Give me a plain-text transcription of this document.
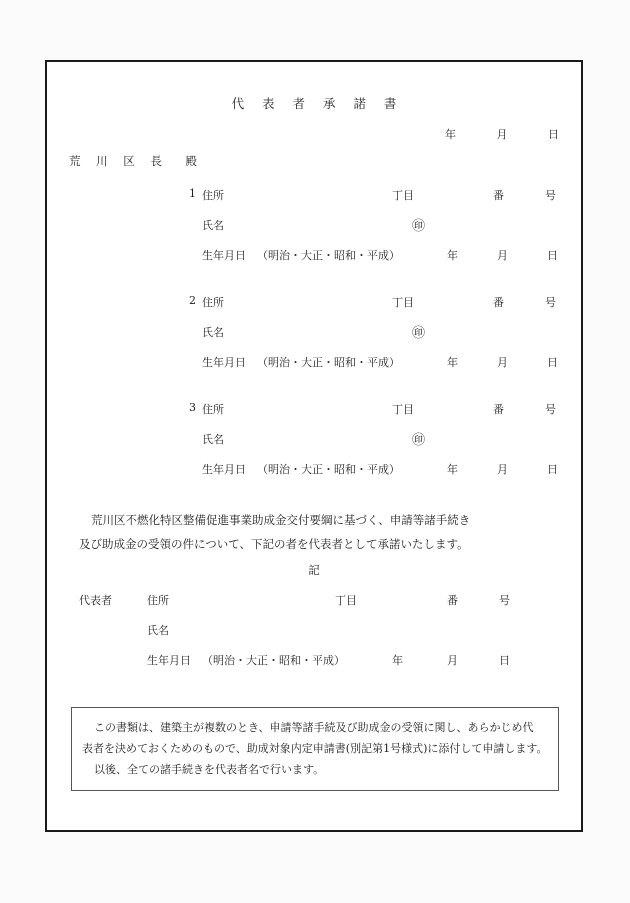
代 表 者 承 諾 書
年	月	日
荒 川 区 長　殿
1 住所	丁目	番	号
氏名	㊞
生年月日 （明治・大正・昭和・平成）	年	月	日
2 住所	丁目	番	号
氏名	㊞
生年月日 （明治・大正・昭和・平成）	年	月	日
3 住所	丁目	番	号
氏名	㊞
生年月日 （明治・大正・昭和・平成）	年	月	日
荒川区不燃化特区整備促進事業助成金交付要綱に基づく、申請等諸手続き
及び助成金の受領の件について、下記の者を代表者として承諾いたします。
記
代表者	住所	丁目	番	号
氏名
生年月日 （明治・大正・昭和・平成）	年	月	日
この書類は、建築主が複数のとき、申請等諸手続及び助成金の受領に関し、あらかじめ代
表者を決めておくためのもので、助成対象内定申請書(別記第1号様式)に添付して申請します。
以後、全ての諸手続きを代表者名で行います。
